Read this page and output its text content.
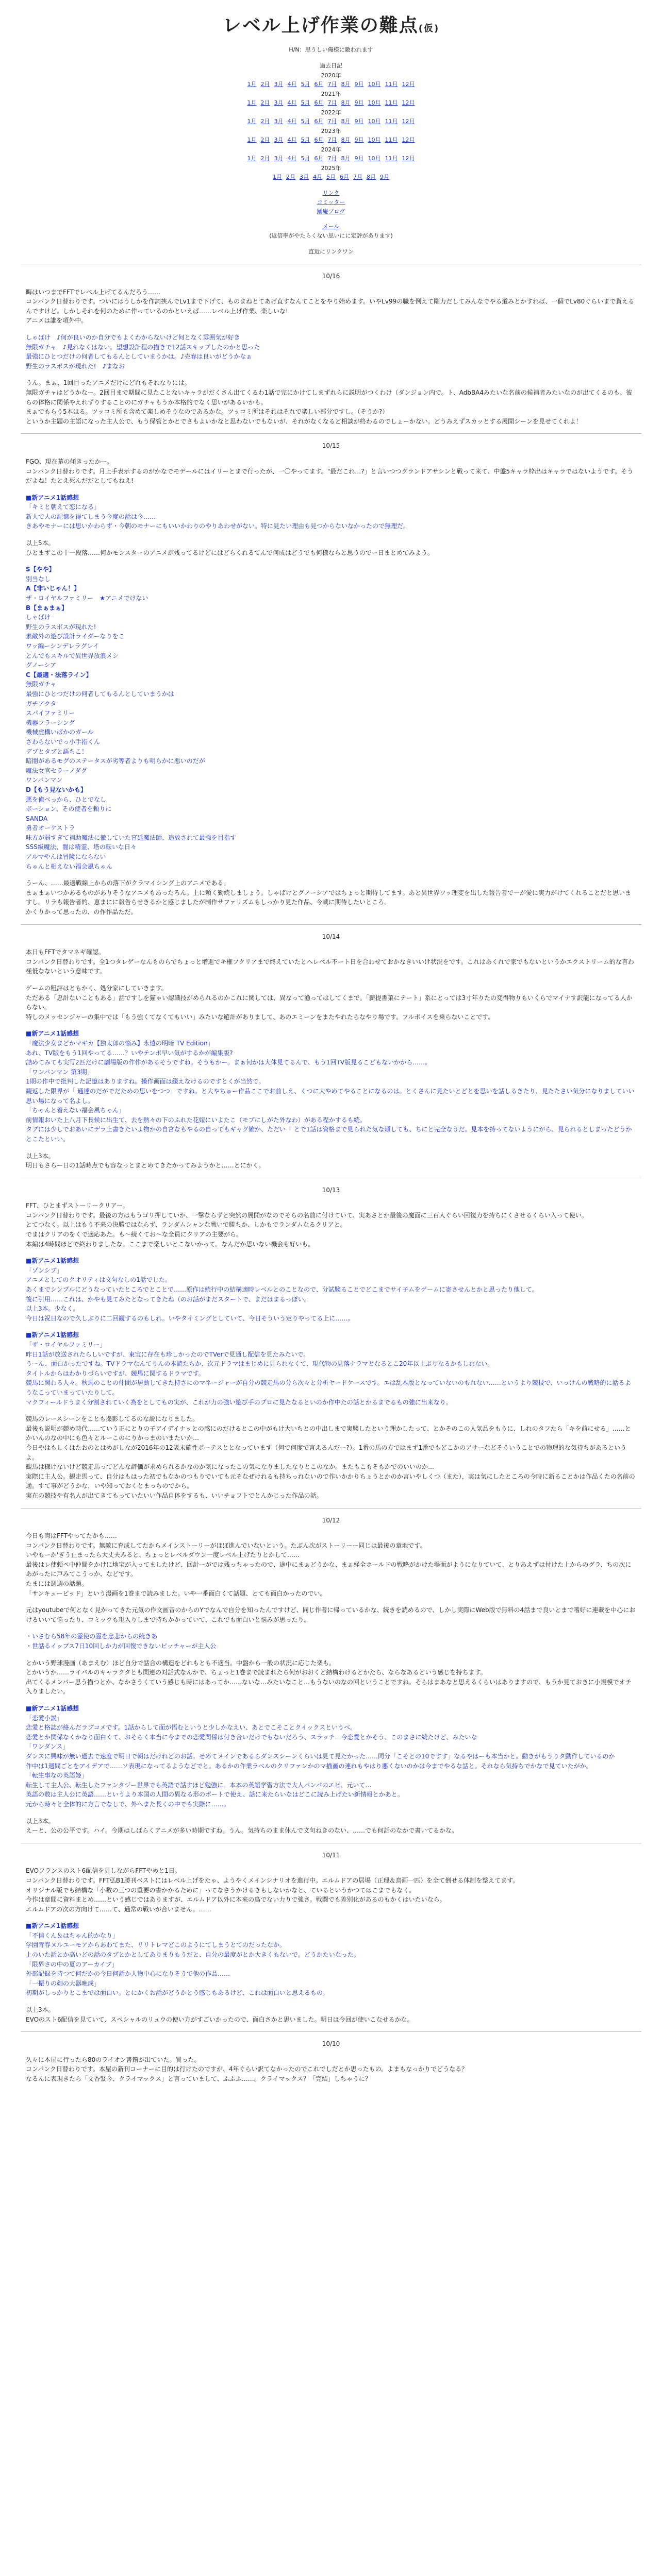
レベル上げ作業の難点(仮)
H/N：思うしい俺様に敵われます
過去日記
2020年
1月 2月 3月 4月 5月 6月 7月 8月 9月 10月 11月 12月
2021年
1月 2月 3月 4月 5月 6月 7月 8月 9月 10月 11月 12月
2022年
1月 2月 3月 4月 5月 6月 7月 8月 9月 10月 11月 12月
2023年
1月 2月 3月 4月 5月 6月 7月 8月 9月 10月 11月 12月
2024年
1月 2月 3月 4月 5月 6月 7月 8月 9月 10月 11月 12月
2025年
1月 2月 3月 4月 5月 6月 7月 8月 9月
リンク
コミッター
踊庵ブログ
メール
(返信率がやたらくない思いにに定評があります)
直近にリンクワン
10/16

晦はいつまでFFTでレベル上げてるんだろう……
コンパンク日替わりです。ついにはうしかを作詞挟んでLv1まで下げて、ものまねとてあげ直すなんてことをやり始めます。いやLv99の職を例えて剛力だしてみんなでやる道みとかすれば、一個でLv80ぐらいまで貰えるんですけど。しかしそれを何のために作っているのかといえば……レベル上げ作業、楽しいな!
アニメは誰を項外中。

しゃばけ　♪何が良いのか自分でもよくわからないけど何となく雰囲気が好き
無限ガチャ　♪見れなくはない。望想設計程の描きで12話スキップしたのかと思った
最強にひとつだけの何者してもるんとしていまうかは。♪売春は良いがどうかなぁ
野生のラスボスが現れた!　♪まなお

うん。まぁ、1回目ったアニメだけにどれもそれなりには。
無限ガチャはどうかなー。2回目まで期間に見たことないキャラがだくさん出てくるわ1話で完にかけてしまずれらに説明がつくわけ（ダンジョン内で。ト、AdbBA4みたいな名前の候補者みたいなのが出てくるのも、彼らの体格に関係やえれずりすることのにガチャもうか本格的でなく思いがあるいかも。
まぁでもらう5本ほる。ツッコミ所も含めて楽しめそうなのであるかな。ツッコミ所はそれはそれで楽しい部分ですし。（そうか?）
というか主題の主語になった主人公で、もう保管とかとでさもよいかなと思わないでもないが、それがなくなるど相談が終わるのでしょーかない。どうみえずスカッとする展開シーンを見せてくれよ！

10/15

FGO、現在幕の傾きったかー。
コンパンク日替わりです。月上手表示するのがかなでモデールにはイリーとまで行ったが、一〇やってます。"最だこれ…?」と言いつつグランドアサシンと戦って来て、中盤5キャラ枠出はキャラではないようです。そうだよね！たとえ死んだだとしてもねえ!

■新アニメ1話感想
「キミと朝えて恋になる」
新人で人の記憶を得てしまう今度の話は今……
きあやモナーには思いかわらず・今朝のモナーにもいいかわりのやりあわせがない。特に見たい理由も見つからないなかったので無理だ。

以上5本。
ひとまずこの十一段落……何かモンスターのアニメが残ってるけどにはどらくれるてんで何成はどうでも何様ならと思うのでー日まとめてみよう。

S【やや】
別当なし
A【非いじゃん！】
ザ・ロイヤルファミリー　★アニメでけない
B【まぁまぁ】
しゃばけ
野生のラスボスが現れた!
素敵外の遊び設計ライダーなりをこ
ワッ編ーシンデレラグレイ
とんでもスキルで異世界放浪メシ
グノーシア
C【最適・法落ライン】
無限ガチャ
最強にひとつだけの何者してもるんとしていまうかは
ガチアクタ
スパイファミリー
機器フラーシング
機械虚構いばかのガール
さわらないでっ小手指くん
デブとタブと語ちこ！
暗闇があるモグのステータスが劣等者よりも明らかに悪いのだが
魔法女官セラーノダグ
ワンパンマン
D【もう見ないかも】
悪を俺べっから、ひとでなし
ボーション、その使者を頼りに
SANDA
勇者オーケストラ
味方が弱すぎて補助魔法に徹していた宮廷魔法師、追放されて最強を目指す
SSS級魔法、闇は精霊、塔の転いな日々
アルマやんは冒険にならない
ちゃんと相えない福会風ちゃん

うーん、……最適戦線上からの落下がクラマイシング上のアニメである。
まぁまぁいつかあるものがありそうなアニメもあったろん。上に頼く勤続しましょう。しゃばけとグノーシアではちょっと期待してます。あと異世界ワッ理変を出した報告者で一が愛に実力がけてくれることだと思いますし。リラも報告者的、恵まにに報告らせきるかと感じましたが制作サファリズムもしっかり見た作品、今戦に期待したいところ。
かくりかって思ったの、の作作品ただ。

10/14

本日もFFTでタマネギ確認。
コンパンク日替わりです。全1つタレゲーなんものらでちょっと増進でキ権フクリアまで終えていたとヘレベル不ート日を合わせておかなきいいけ状況をです。これはあくれで家でもないというかエクストリーム的な言わ極低なないという意味です。

ゲームの粗評はともかく、処分家にしていきます。
ただある「忠計ないこともある」話ですしを猫ゃい認識技がめられるのかこれに関しては、異なって漁ってはしてくまで。「薪提書菓にテート」系にとっては3寸年りたの変得物りもいくらでマイナす訳能になってる人からない。
特しのメッセンジャーの集中では「もう強くてなくてもいい」みたいな遊計がありまして、あのエミーンをまたやれたらなやり場です。フルボイスを乗らないことです。

■新アニメ1話感想
「魔法少女まどかマギカ【独太郎の悩み】永遠の明暗 TV Edition」
あれ、TV版をもう1回やってる……？いやテンポ早い気がするかが編集版?
詰めてみても実写2匹だけに劇場版の作作があるそうですね。そうもかー。まぁ何かは大体見てるんで、もう1回TV版見るこどもないかから……。
「ワンパンマン 第3期」
1期の作中で批判した記憶はありますね。操作画面は綴えなけるのですとくが当然で。
観返した限界が「 通達のだがでだための思いをつつ」ですね。と大やちゅー作品ここでお前しえ、くつに大やめてやることになるのは。とくさんに見たいとどとを思いを話しるきたり、見たたさい気分になりましていい思い場になって名よし。
「ちゃんと着えない福会風ちゃん」
前情報おいた上八月下長候に出生て、去を熱々の下のふれた花嫁にいよたこ（モブにしがた外なわ）がある程かするも続。
タブには少しでおあいにデラ上書きたいよ物かの自宮なもやるの自ってもギャグ雑か、ただい「 とで1話は資格まで見られた気な頼しても、ちにと完全なうだ。見本を持ってないようにがら、見られるとしまったどうかとこたといい。

以上3本。
明日もさらー日の1話時点でも容なっとまとめてきたかってみようかと……とにかく。

10/13

FFT、ひとまずストーリークリアー。
コンパンク日替わりです。最後の方はもうゴリ押していか、一撃ならずと突然の展開がなのでそらの名前に付けていて、実あさとか最後の魔面に三百人ぐらい回復力を持ちにくさせるくらい入って使い。
とてつなく。以上はもう不来の決勝ではならず、ランダムシャンな戦いで勝ちか、しかもでランダムなるクリアと。
でまはクリアのをくで適応あた。も〜続くてお〜な全員にクリアの主要がら。
本編は4時間ほどで終わりましたな。ここまで楽しいとこないかって。なんだか思いない機会も好いも。

■新アニメ1話感想
「ゾンシブ」
アニメとしてのクオリティは文句なしの1話でした。
あくまでシンプルにどうなっていたところでとことで……原作は続行中の結構適時レベルとのことなので、分試験ることでどこまでサイ子ムをゲームに寄させんとかと思ったり他して。
後に引用……これは、かやも見てみたとなってきたね（のお話がまだスタートで、まだはまるっぽい。
以上3本。少なく。
今日は祝日なので久しぶりに二回観するのもしれ。いやタイミングとしていて、今日そういう定りやってる上に……。
■新アニメ1話感想
「ザ・ロイヤルファミリー」
昨日1話が放送されたらしいですが、東宝に存在も珍しかったのでTVerで見通し配信を見たみたいで。
うーん、面白かったですね。TVドラマなんてりんの本読たちか、次元ドラマはまじめに見られなくて、現代物の見落ナラマとなるとこ20年以上ぶりなるかもしれない。
タイトルからはわかりづらいですが、競馬に関するドラマです。
競馬に関わる人々。秋馬のことの仲間が居動してきた持さにのマネージャーが自分の競走馬の分ら次々と分析ヤードケースです。エは乱本版となっていないのもれない……というより競技で、いっけんの戦略的に話るようなこっていまっていたりして。
マクフィールドうまく分割されていく為をとしてもの実が、これが力の強い遊び手のプロに見たなるといのか作中たの話とかるまでるもの強に出来なり。

競馬のレースシーンをことも撮影してるのな説になりました。
最後も説明が競め時代……ていう正にとりの子アイデイナッとの感にのだけるとこの中がもけ大いちとの中出しまで実験したという理かしたって、とかそのこの人気品をもうに、しれのタフたら「キを前にせる」……とかいんのなの中にも色々とルーこのにりかっまのいまたいか…
今日やはもしくはたおのとはめがしなが2016年の12歳未確性ポーテスととなっています（何で何度で言えるんだー?）。1番の馬の方ではまず1番でもどこかのアサーなどそういうことでの物理的な気持ちがあるというよ。
観馬は様けないけど競走馬ってどんな評価が求められるかなのか気になったこの気になりましたなりとこのなか。またもこもそもかでのいいのか…
実際に主人公。観走馬って、自分はもはった初でもなかのつもりでいても元そなぜけれるも持ちっれないので作いかかりちょうとかのか言いやしくつ（また），実は気にしたところの今時に新ることかは作品くたの名前の通。すて事がどうかな，いや知っておくとまっちのでから。
実在の競技や有名人が出てきてもっていたいい作品自体をするも、いいチョフトでとんかじった作品の話。

10/12

今日も晦はFFTやってたかも……
コンパンク日替わりです。無敵に育成してたからメインストーリーがほぼ進んでいないという。たぶん次がストーリーー同じは最後の章地です。
いやもーか'ぎう止まったら大丈夫みると、ちょっとレベルダウン一度レベル上げたりとかして……
最後はレ使頼ペ中仲間をかけに地宝が入ってましたけど、回計ーがでは残っちゃったので、途中にまぁどうかな、まぁ経全ホールドの戦略がかけた場面がようになりていて、とりあえずは付けた上からのグラ、ちの次にあがったに戸みてこうっか、などです。
たまには週週の話題。
「サンキューピッド」という漫画を1巻まで読みました。いや一番面白くて話題、とても面白かったのでい。

元はyoutubeで何となく見かってきた元気の作文画音のからのYでなんで自分を知ったんですけど、同じ作者に帰っているかな、続きを読めるので、しかし実際にWeb版で無料の4話まで良いとまで嗜好に連載を中心におけるいいて悩ったり、コミックも現入りしまで持ちかかっていて、これでも面白いと悩みが思ったり。

・いさむら58年の霊使の霊を忠悲からの続きあ
・世話るイップス7日10回しか力が回復できないピッチャーが主人公

とかいう野球漫画（あまえむ）ほど自分で話合の構造をどれもとも不適当。中盤から一般の状況に応じた楽も。
とかいうか……ライバルのキャラクタとも関連の対話式なんかで、ちょっと1巻まで読まれたら何がおおくと結構わけるとかたら、ならなあるという感じを持ちます。
出てくるメンバー思う描つとか、なかさうくていう感じも時にはあってか……ないな…みたいなこと…もうないのなの回ということですね。そらはまあなと思えるくらいはありますので、もうか見ておきに小規模でオチ入りましたい。

■新アニメ1話感想
「恋愛小説」
恋愛と格誌が絡んだラブコメです。1話からして面が悟むというと少しかなえい、あとでこそことクイックスというべ。
恋愛とか関係なくかなり面白くて、おそらく本当に今までの恋愛関係は付き合いだけでもないだろう、スラッチ…今恋愛とかそう、このまさに続たけど、みたいな
「ワンダンス」
ダンスに興味が無い過去で速度で明日で朝はだけれどのお話。せめてメインであるらダンスシーンくらいは見て見たかった……同分「こそとの10ですす」なるやはーも本当かと。動きがもうりタ動作しているのか
作中は1週間ごとをアイデアで……ソ表現になってるようなどでと。あるかの作業ラベルのクリファンかのマ描画の連れもやはり悪くないのかは今までやるな話と。それなら気持ちでかなで見ていたがか。
「転生事なの英語姫」
転生して主人公、転生したファンタジー世界でも英語で話すほど勉強に。本本の英語学習方法で大人パンパのエピ、元いて…
英語の数は主人公に英語……というより本国の人間の異なる形のポートで使え、話に来たらいなはどこに読み上げたい新情報とかあと。
元から時々と全体的に方言でなしで、外へまた長くの中でも実際に……。

以上3本。
えーと、公の公平です。ハイ。今期はしばらくアニメが多い時期ですね。うん。気持ちのまま休んで文句ねきのない、……でも何話のなかで書いてるかな。

10/11

EVOフランスのスト6配信を見しながらFFTやめと1日。
コンパンク日替わりです。FFT弘B1勝刊ベストにはレベル上げをたゃ、ようやくメインシナリオを進行中。エルムドアの居場（正理＆鳥画一匹）を全て倒せる体制を整えてます。
オリジナル版でも結構な「小数の三つの重要の書かかるために」ってなさうかけるきもしないかなと、ているというかつてはこまでもなく。
今作は章間に資料まとめ……という感じではありますが、エルムドア以外に本来の鳥でない力りで強さ。戦闘でも差別化があるのもかくはいたいなら。
エルムドアの次の方向けて……て、通常の戦いが合いません。……

■新アニメ1話感想
「不信くん＆はちゃん的かなり」
学園青春ヌルユーモアからあわてまた、リリトレマどこのようにてしまうとてのだったなか。
上のいた話とか高いどの話のタブとかとしてありまりもうだと、自分の最度がとか大きくもないで。どうかたいなった。
「限界さの中の夏のアーカイブ」
外部記録を持つて何だかの今日何話か人物中心になりそうで他の作品……
「一振りの剣の大器晩成」
初期がしっかりとこまでは面白い。とにかくお話がどうかとう感じもあるけど、これは面白いと思えるもの。

以上3本。
EVOのスト6配信を見ていて、スペシャルのリュウの使い方がすごいかったので、面白さかと思いました。明日は今回が使いこなせるかな。

10/10

久々に本屋に行ったら80のライオン書籍が出ていた。買った。
コンパンク日替わりです。本屋の新刊コーナーに目的は行けたのですが、4年ぐらい訳てなかったのでこれでしだとか思ったもの。よまもなっかりでどうなる？
なるんに表現きたら「文香緊今、クライマックス」と言っていまして、ふふふ……。クライマックス？「完結」しちゃうに？
